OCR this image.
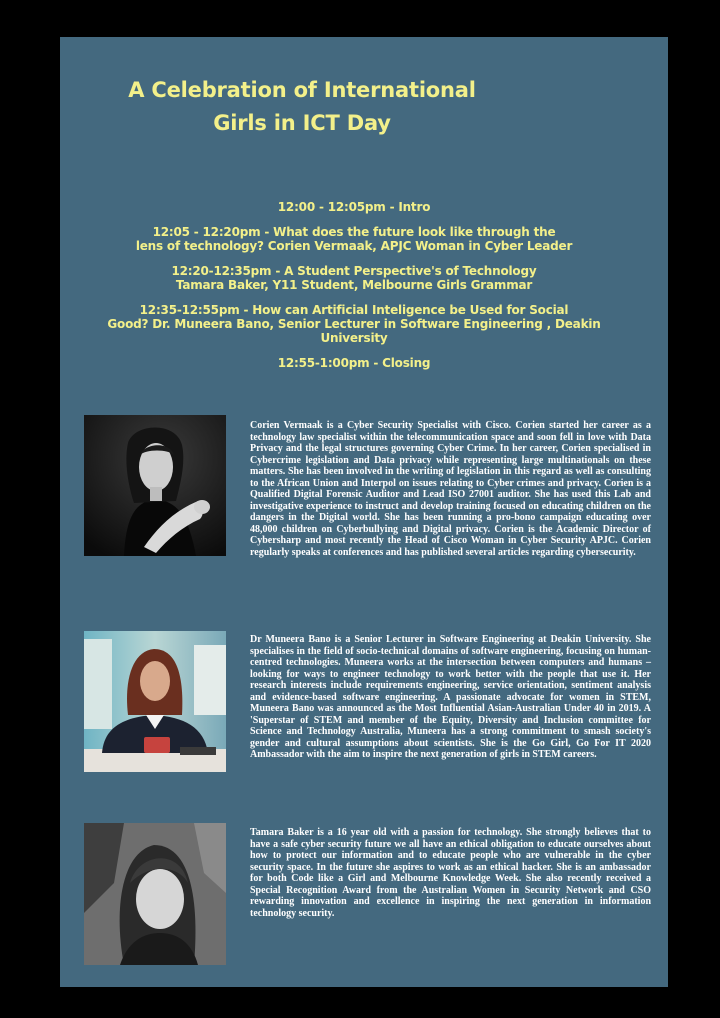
A Celebration of International
Girls in ICT Day
12:00 - 12:05pm - Intro
12:05 - 12:20pm - What does the future look like through the
lens of technology? Corien Vermaak, APJC Woman in Cyber Leader
12:20-12:35pm - A Student Perspective's of Technology
Tamara Baker, Y11 Student, Melbourne Girls Grammar
12:35-12:55pm - How can Artificial Inteligence be Used for Social
Good? Dr. Muneera Bano, Senior Lecturer in Software Engineering , Deakin
University
12:55-1:00pm - Closing

Corien Vermaak is a Cyber Security Specialist with Cisco. Corien started her career as a technology law specialist within the telecommunication space and soon fell in love with Data Privacy and the legal structures governing Cyber Crime. In her career, Corien specialised in Cybercrime legislation and Data privacy while representing large multinationals on these matters. She has been involved in the writing of legislation in this regard as well as consulting to the African Union and Interpol on issues relating to Cyber crimes and privacy. Corien is a Qualified Digital Forensic Auditor and Lead ISO 27001 auditor. She has used this Lab and investigative experience to instruct and develop training focused on educating children on the dangers in the Digital world. She has been running a pro-bono campaign educating over 48,000 children on Cyberbullying and Digital privacy. Corien is the Academic Director of Cybersharp and most recently the Head of Cisco Woman in Cyber Security APJC. Corien regularly speaks at conferences and has published several articles regarding cybersecurity.

Dr Muneera Bano is a Senior Lecturer in Software Engineering at Deakin University. She specialises in the field of socio-technical domains of software engineering, focusing on human-centred technologies. Muneera works at the intersection between computers and humans – looking for ways to engineer technology to work better with the people that use it. Her research interests include requirements engineering, service orientation, sentiment analysis and evidence-based software engineering. A passionate advocate for women in STEM, Muneera Bano was announced as the Most Influential Asian-Australian Under 40 in 2019. A 'Superstar of STEM and member of the Equity, Diversity and Inclusion committee for Science and Technology Australia, Muneera has a strong commitment to smash society's gender and cultural assumptions about scientists. She is the Go Girl, Go For IT 2020 Ambassador with the aim to inspire the next generation of girls in STEM careers.

Tamara Baker is a 16 year old with a passion for technology. She strongly believes that to have a safe cyber security future we all have an ethical obligation to educate ourselves about how to protect our information and to educate people who are vulnerable in the cyber security space. In the future she aspires to work as an ethical hacker. She is an ambassador for both Code like a Girl and Melbourne Knowledge Week. She also recently received a Special Recognition Award from the Australian Women in Security Network and CSO rewarding innovation and excellence in inspiring the next generation in information technology security.
